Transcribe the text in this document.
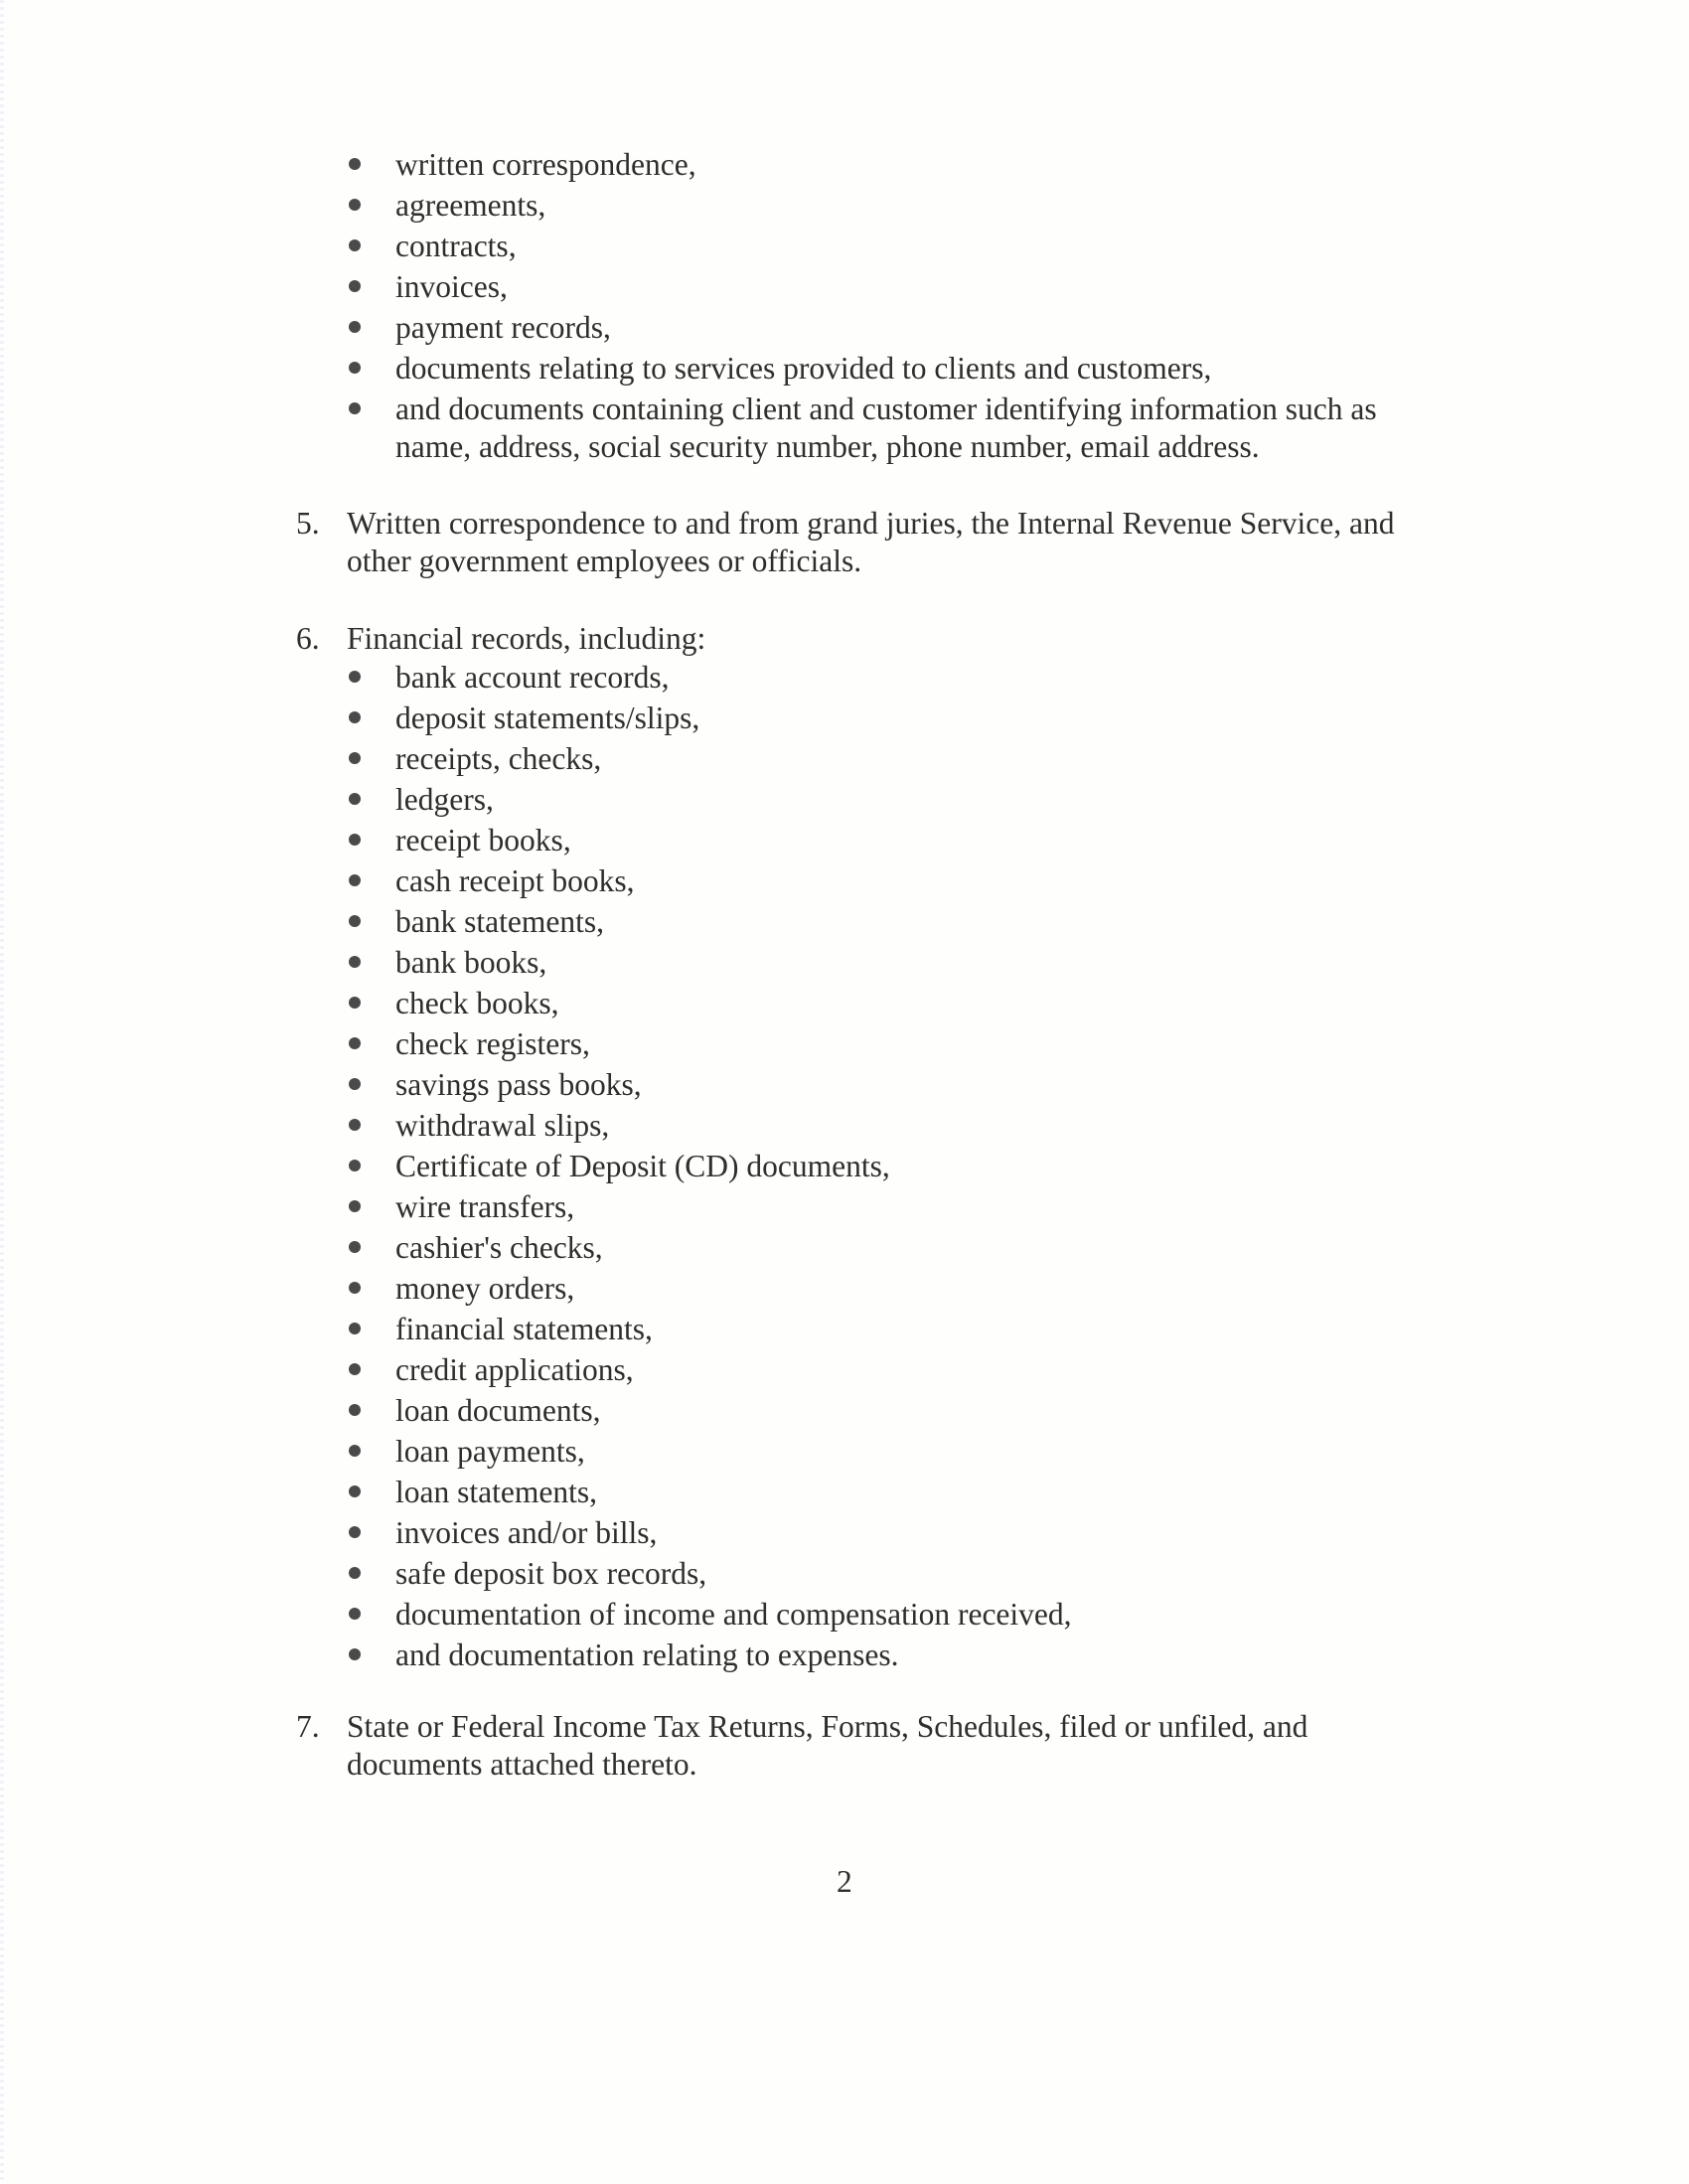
written correspondence,
agreements,
contracts,
invoices,
payment records,
documents relating to services provided to clients and customers,
and documents containing client and customer identifying information such as
name, address, social security number, phone number, email address.
5. Written correspondence to and from grand juries, the Internal Revenue Service, and
other government employees or officials.
6. Financial records, including:
bank account records,
deposit statements/slips,
receipts, checks,
ledgers,
receipt books,
cash receipt books,
bank statements,
bank books,
check books,
check registers,
savings pass books,
withdrawal slips,
Certificate of Deposit (CD) documents,
wire transfers,
cashier's checks,
money orders,
financial statements,
credit applications,
loan documents,
loan payments,
loan statements,
invoices and/or bills,
safe deposit box records,
documentation of income and compensation received,
and documentation relating to expenses.
7. State or Federal Income Tax Returns, Forms, Schedules, filed or unfiled, and
documents attached thereto.
2
